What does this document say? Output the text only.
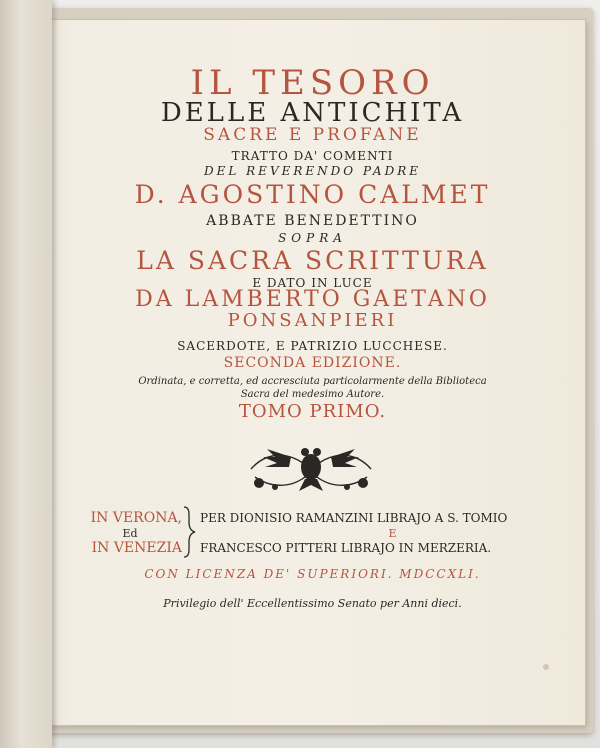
IL TESORO
DELLE ANTICHITA
SACRE E PROFANE
TRATTO DA' COMENTI
DEL REVERENDO PADRE
D. AGOSTINO CALMET
ABBATE BENEDETTINO
SOPRA
LA SACRA SCRITTURA
E DATO IN LUCE
DA LAMBERTO GAETANO
PONSANPIERI
SACERDOTE, E PATRIZIO LUCCHESE.
SECONDA EDIZIONE.
Ordinata, e corretta, ed accresciuta particolarmente della Biblioteca
Sacra del medesimo Autore.
TOMO PRIMO.
IN VERONA,
Ed
IN VENEZIA
PER DIONISIO RAMANZINI LIBRAJO A S. TOMIO
E
FRANCESCO PITTERI LIBRAJO IN MERZERIA.
CON LICENZA DE' SUPERIORI. MDCCXLI.
Privilegio dell' Eccellentissimo Senato per Anni dieci.
